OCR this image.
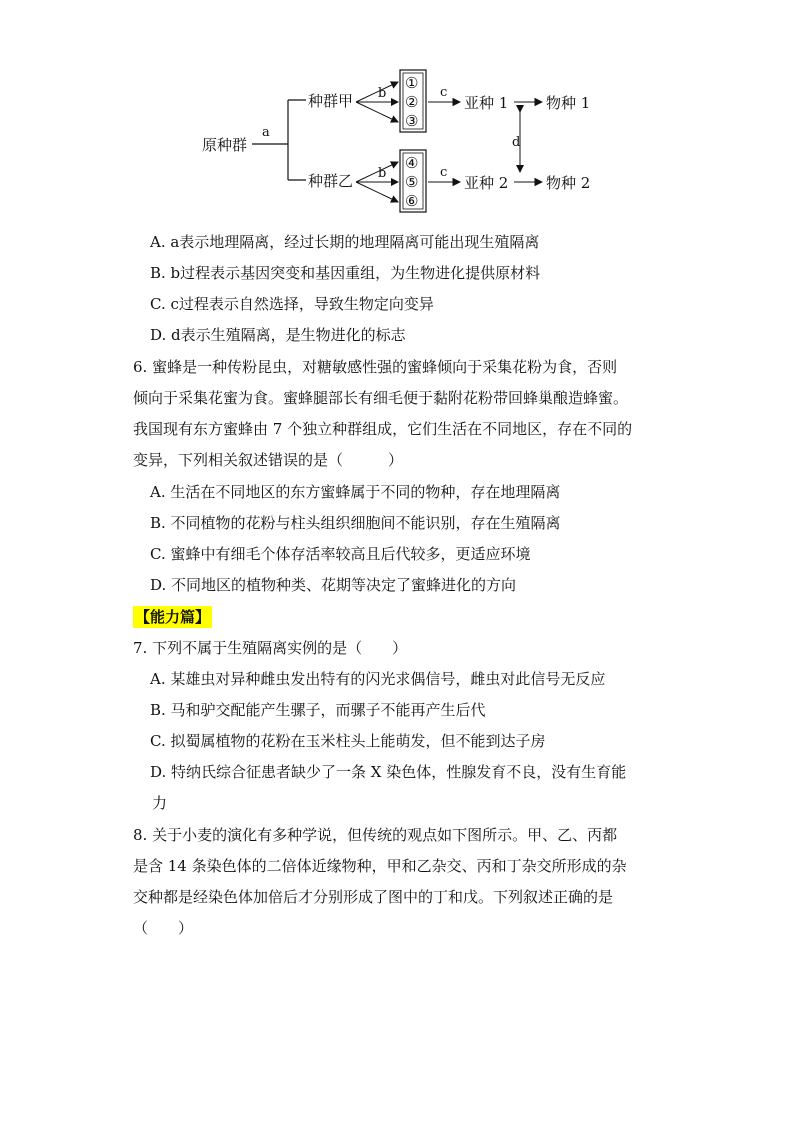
原种群
a
种群甲
种群乙
b
b
①
②
③
④
⑤
⑥
c
c
亚种 1
亚种 2
d
物种 1
物种 2
A. a表示地理隔离，经过长期的地理隔离可能出现生殖隔离
B. b过程表示基因突变和基因重组，为生物进化提供原材料
C. c过程表示自然选择，导致生物定向变异
D. d表示生殖隔离，是生物进化的标志
6. 蜜蜂是一种传粉昆虫，对糖敏感性强的蜜蜂倾向于采集花粉为食，否则
倾向于采集花蜜为食。蜜蜂腿部长有细毛便于黏附花粉带回蜂巢酿造蜂蜜。
我国现有东方蜜蜂由 7 个独立种群组成，它们生活在不同地区，存在不同的
变异，下列相关叙述错误的是（　　　）
A. 生活在不同地区的东方蜜蜂属于不同的物种，存在地理隔离
B. 不同植物的花粉与柱头组织细胞间不能识别，存在生殖隔离
C. 蜜蜂中有细毛个体存活率较高且后代较多，更适应环境
D. 不同地区的植物种类、花期等决定了蜜蜂进化的方向
【能力篇】
7. 下列不属于生殖隔离实例的是（　　）
A. 某雄虫对异种雌虫发出特有的闪光求偶信号，雌虫对此信号无反应
B. 马和驴交配能产生骡子，而骡子不能再产生后代
C. 拟蜀属植物的花粉在玉米柱头上能萌发，但不能到达子房
D. 特纳氏综合征患者缺少了一条 X 染色体，性腺发育不良，没有生育能
力
8. 关于小麦的演化有多种学说，但传统的观点如下图所示。甲、乙、丙都
是含 14 条染色体的二倍体近缘物种，甲和乙杂交、丙和丁杂交所形成的杂
交种都是经染色体加倍后才分别形成了图中的丁和戊。下列叙述正确的是
（　　）
